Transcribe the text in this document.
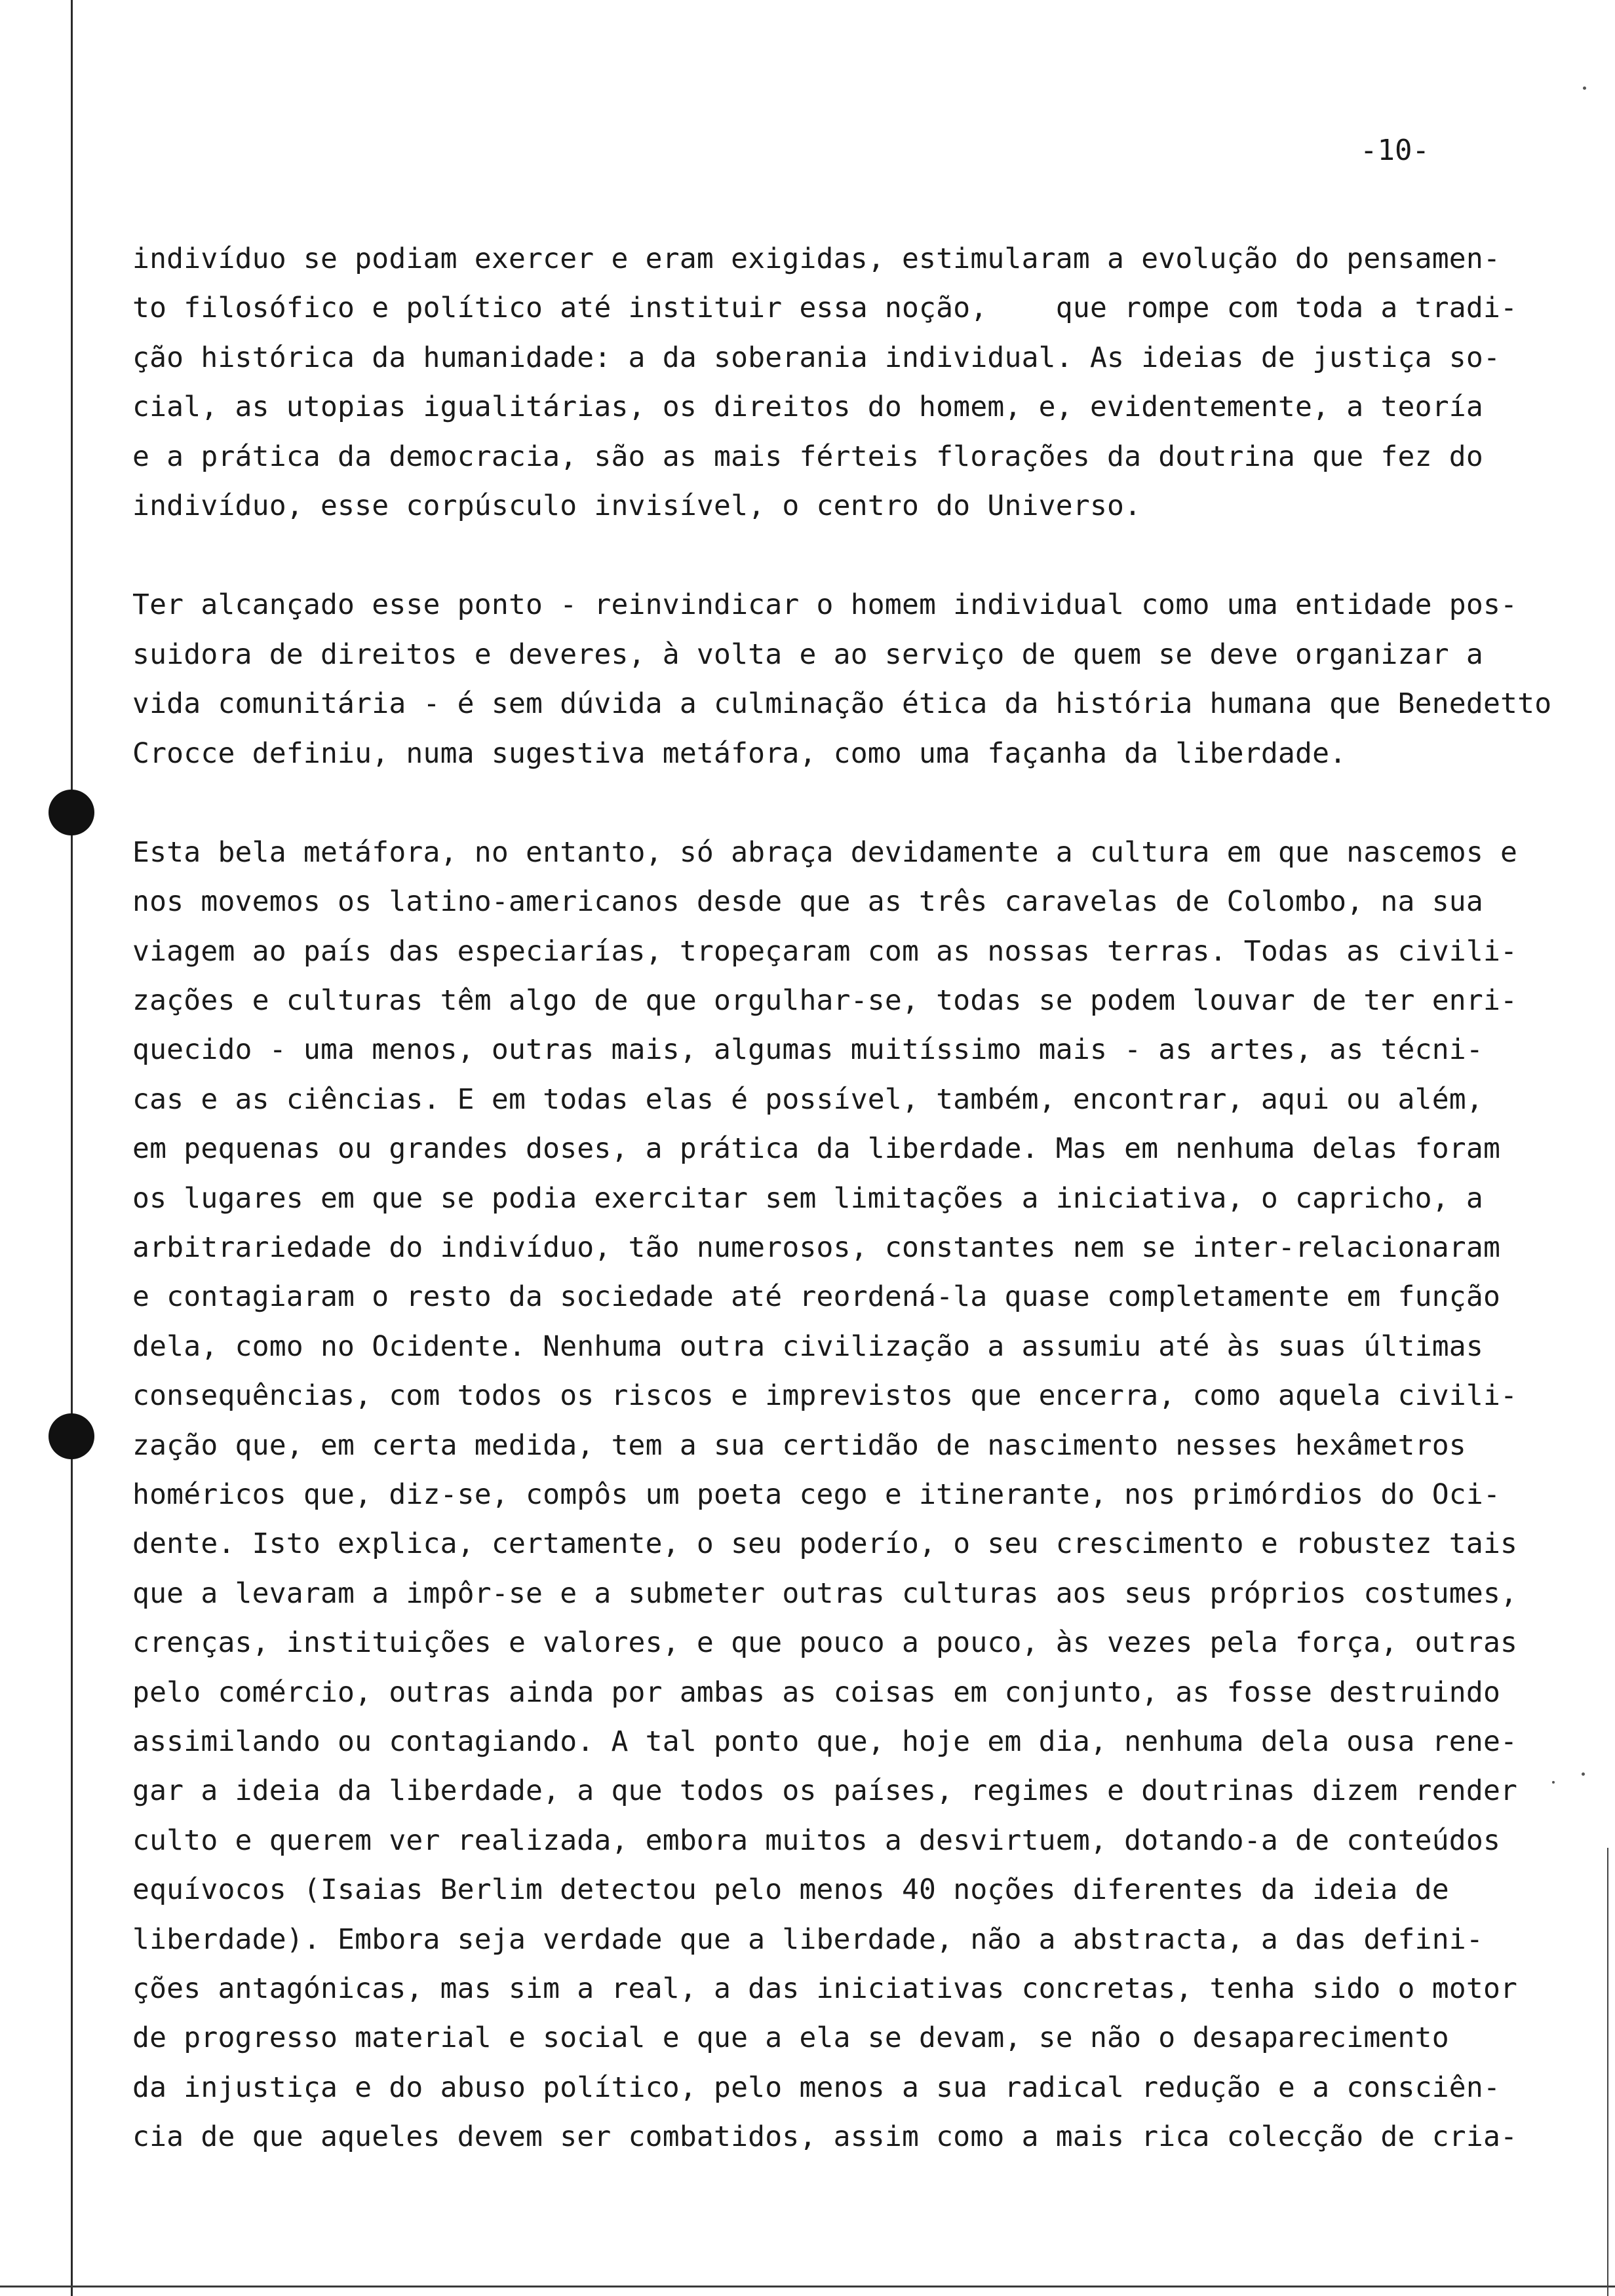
-10-
indivíduo se podiam exercer e eram exigidas, estimularam a evolução do pensamen-
to filosófico e político até instituir essa noção,    que rompe com toda a tradi-
ção histórica da humanidade: a da soberania individual. As ideias de justiça so-
cial, as utopias igualitárias, os direitos do homem, e, evidentemente, a teoría
e a prática da democracia, são as mais férteis florações da doutrina que fez do
indivíduo, esse corpúsculo invisível, o centro do Universo.
Ter alcançado esse ponto - reinvindicar o homem individual como uma entidade pos-
suidora de direitos e deveres, à volta e ao serviço de quem se deve organizar a
vida comunitária - é sem dúvida a culminação ética da história humana que Benedetto
Crocce definiu, numa sugestiva metáfora, como uma façanha da liberdade.
Esta bela metáfora, no entanto, só abraça devidamente a cultura em que nascemos e
nos movemos os latino-americanos desde que as três caravelas de Colombo, na sua
viagem ao país das especiarías, tropeçaram com as nossas terras. Todas as civili-
zações e culturas têm algo de que orgulhar-se, todas se podem louvar de ter enri-
quecido - uma menos, outras mais, algumas muitíssimo mais - as artes, as técni-
cas e as ciências. E em todas elas é possível, também, encontrar, aqui ou além,
em pequenas ou grandes doses, a prática da liberdade. Mas em nenhuma delas foram
os lugares em que se podia exercitar sem limitações a iniciativa, o capricho, a
arbitrariedade do indivíduo, tão numerosos, constantes nem se inter-relacionaram
e contagiaram o resto da sociedade até reordená-la quase completamente em função
dela, como no Ocidente. Nenhuma outra civilização a assumiu até às suas últimas
consequências, com todos os riscos e imprevistos que encerra, como aquela civili-
zação que, em certa medida, tem a sua certidão de nascimento nesses hexâmetros
homéricos que, diz-se, compôs um poeta cego e itinerante, nos primórdios do Oci-
dente. Isto explica, certamente, o seu poderío, o seu crescimento e robustez tais
que a levaram a impôr-se e a submeter outras culturas aos seus próprios costumes,
crenças, instituições e valores, e que pouco a pouco, às vezes pela força, outras
pelo comércio, outras ainda por ambas as coisas em conjunto, as fosse destruindo
assimilando ou contagiando. A tal ponto que, hoje em dia, nenhuma dela ousa rene-
gar a ideia da liberdade, a que todos os países, regimes e doutrinas dizem render
culto e querem ver realizada, embora muitos a desvirtuem, dotando-a de conteúdos
equívocos (Isaias Berlim detectou pelo menos 40 noções diferentes da ideia de
liberdade). Embora seja verdade que a liberdade, não a abstracta, a das defini-
ções antagónicas, mas sim a real, a das iniciativas concretas, tenha sido o motor
de progresso material e social e que a ela se devam, se não o desaparecimento
da injustiça e do abuso político, pelo menos a sua radical redução e a consciên-
cia de que aqueles devem ser combatidos, assim como a mais rica colecção de cria-
